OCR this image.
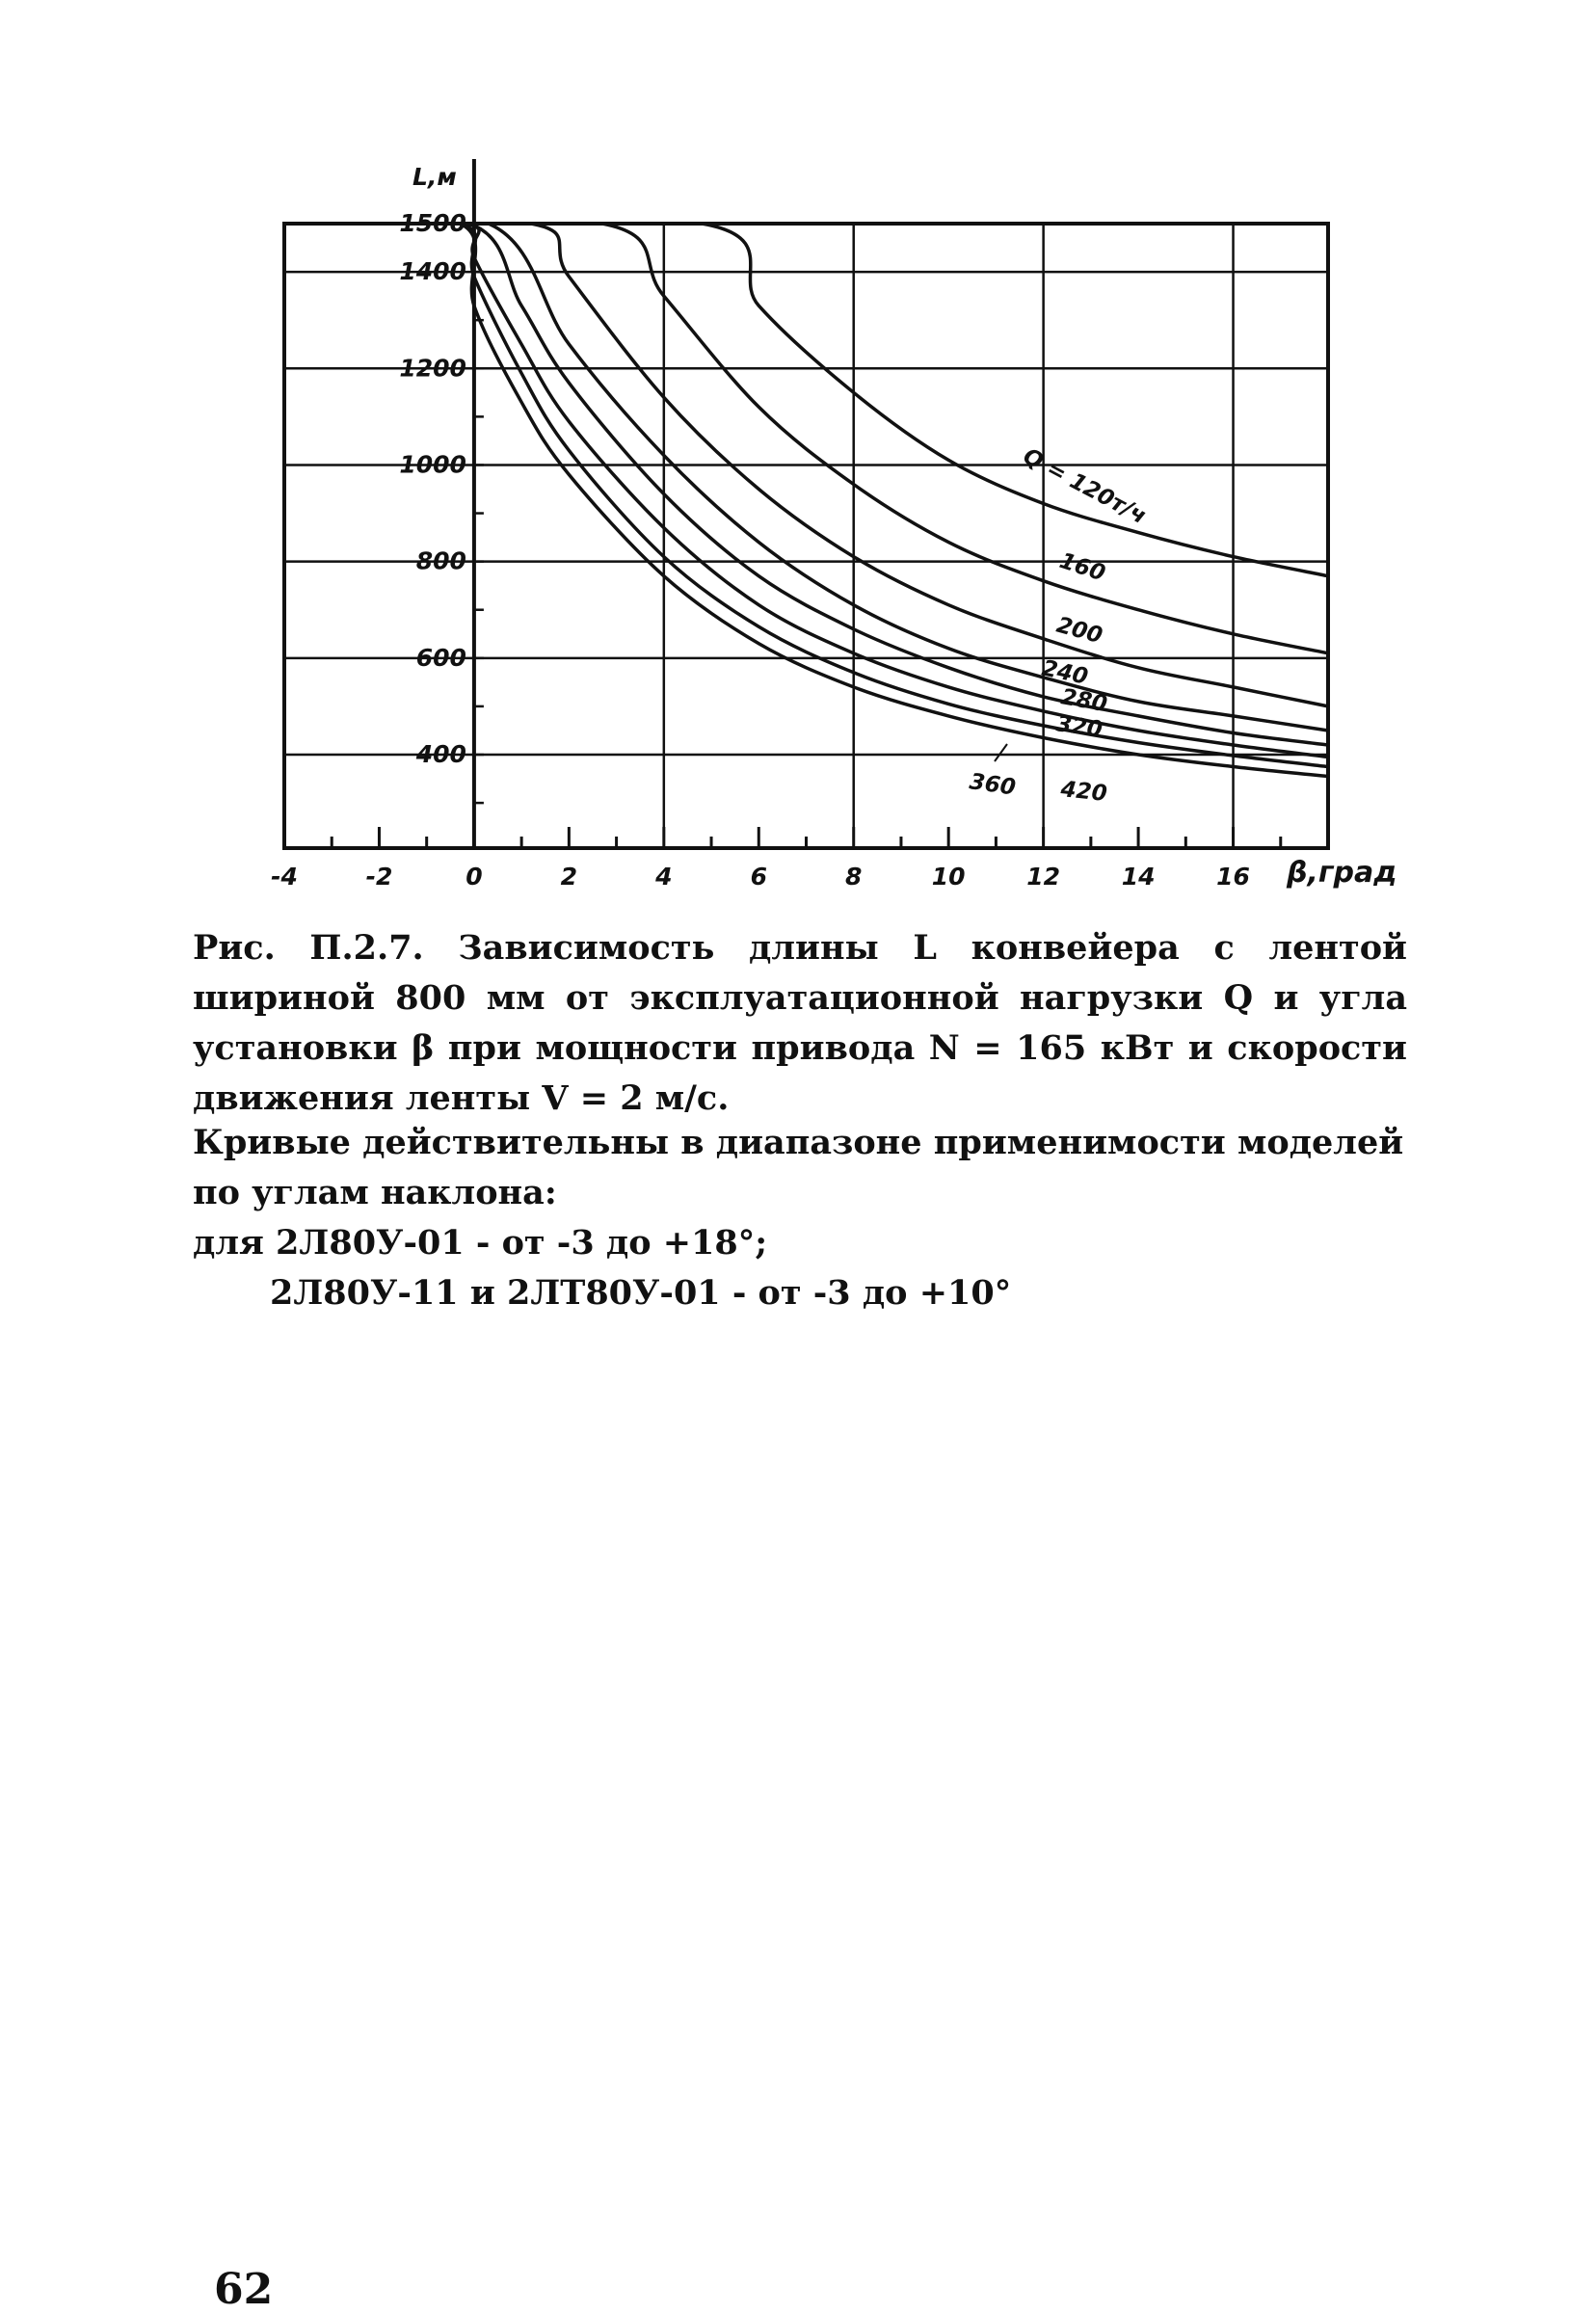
-4	-2	0	2	4	6	8	10	12	14	16
1500
1400
1200
1000
800
600
400
Q = 120т/ч
160
200
240
280
320
360 420
L,м
β,град

Рис. П.2.7. Зависимость длины L конвейера с лентой шириной 800 мм от эксплуатационной нагрузки Q и угла установки β при мощности привода N = 165 кВт и скорости движения ленты V = 2 м/с.

Кривые действительны в диапазоне применимости моделей по углам наклона:

для 2Л80У-01 - от -3 до +18°;

2Л80У-11 и 2ЛТ80У-01 - от -3 до +10°

62
